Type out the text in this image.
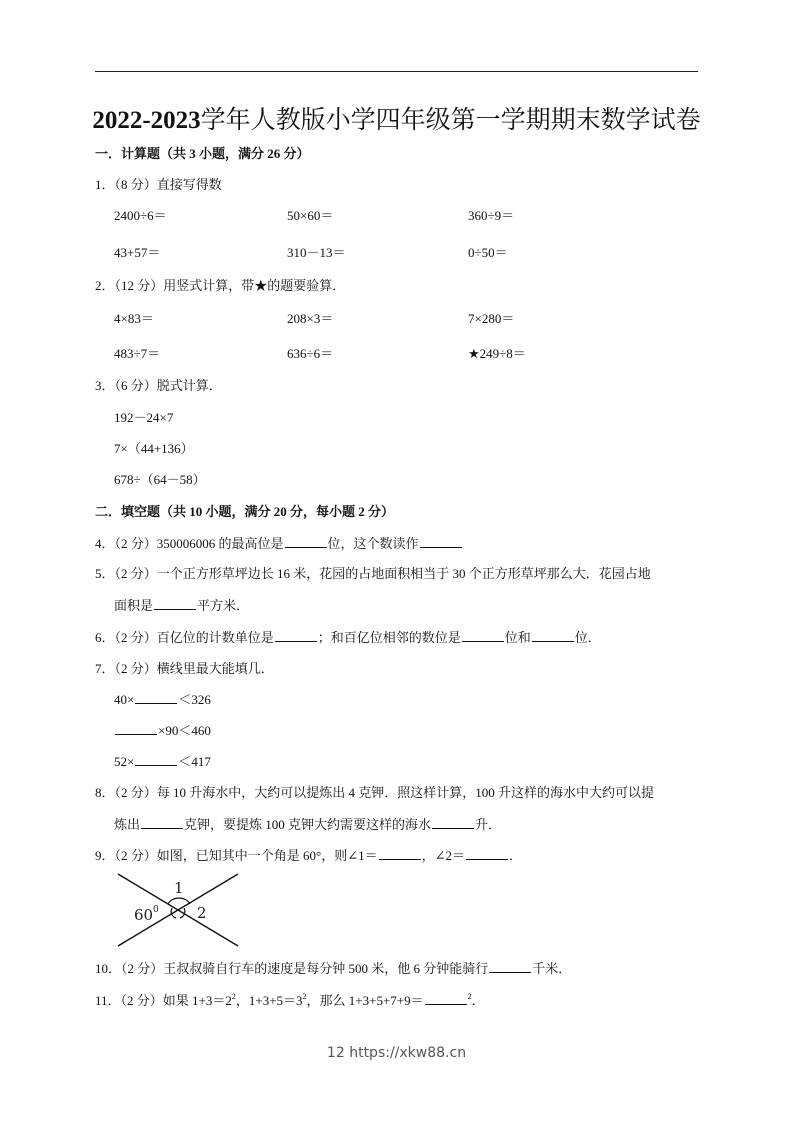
2022-2023学年人教版小学四年级第一学期期末数学试卷
一．计算题（共 3 小题，满分 26 分）
1．（8 分）直接写得数
2400÷6＝	50×60＝	360÷9＝
43+57＝	310－13＝	0÷50＝
2．（12 分）用竖式计算，带★的题要验算．
4×83＝	208×3＝	7×280＝
483÷7＝	636÷6＝	★249÷8＝
3．（6 分）脱式计算．
192－24×7
7×（44+136）
678÷（64－58）
二．填空题（共 10 小题，满分 20 分，每小题 2 分）
4．（2 分）350006006 的最高位是	位，这个数读作
5．（2 分）一个正方形草坪边长 16 米，花园的占地面积相当于 30 个正方形草坪那么大．花园占地
面积是	平方米．
6．（2 分）百亿位的计数单位是	；和百亿位相邻的数位是	位和	位．
7．（2 分）横线里最大能填几．
40×	＜326
×90＜460
52×	＜417
8．（2 分）每 10 升海水中，大约可以提炼出 4 克钾．照这样计算，100 升这样的海水中大约可以提
炼出	克钾，要提炼 100 克钾大约需要这样的海水	升．
9．（2 分）如图，已知其中一个角是 60°，则∠1＝	，∠2＝	．
1
2
60 0
10．（2 分）王叔叔骑自行车的速度是每分钟 500 米，他 6 分钟能骑行	千米．
11．（2 分）如果 $1+3=2^2$，$1+3+5=3^2$，那么 1+3+5+7+9＝	$^2$．
12 https://xkw88.cn
